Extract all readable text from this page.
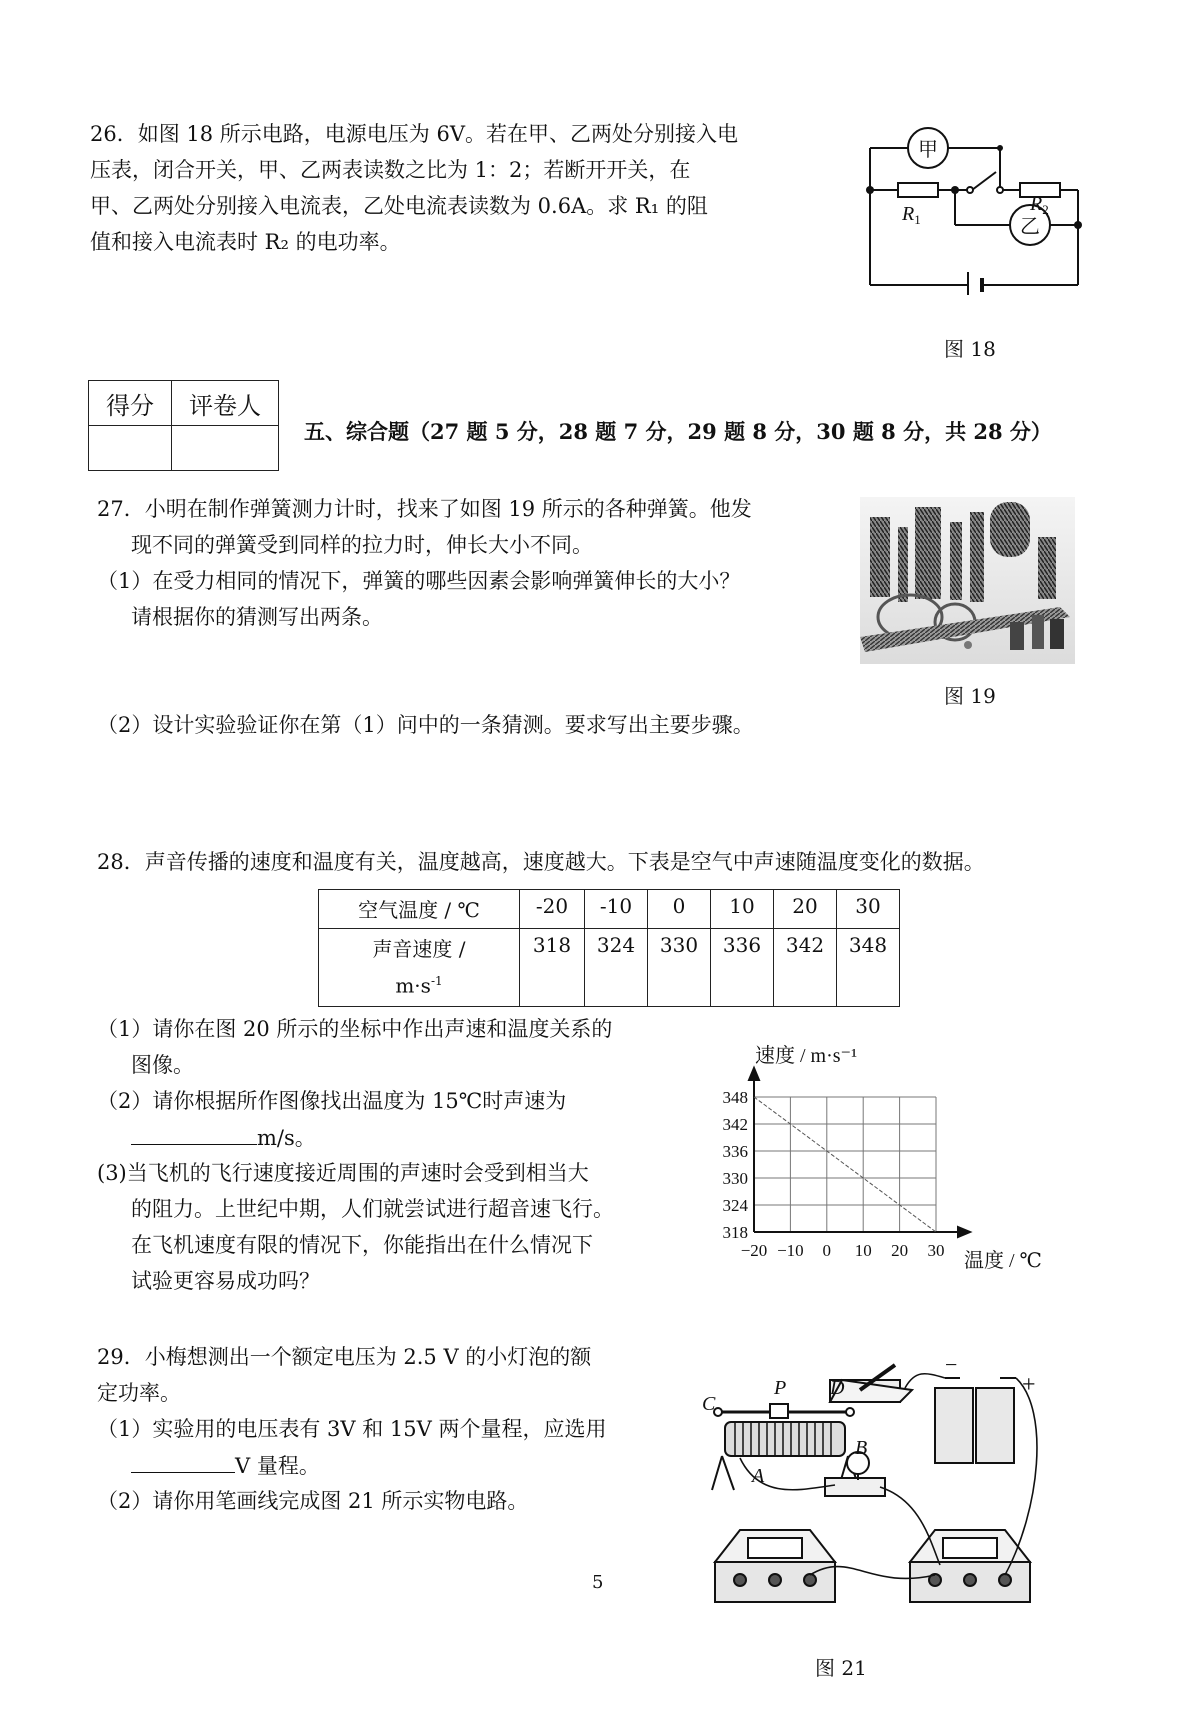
26．如图 18 所示电路，电源电压为 6V。若在甲、乙两处分别接入电
压表，闭合开关，甲、乙两表读数之比为 1：2；若断开开关，在
甲、乙两处分别接入电流表，乙处电流表读数为 0.6A。求 R₁ 的阻
值和接入电流表时 R₂ 的电功率。
甲
乙
$R_1$
$R_2$
图 18
得分	评卷人

五、综合题（27 题 5 分，28 题 7 分，29 题 8 分，30 题 8 分，共 28 分）
27．小明在制作弹簧测力计时，找来了如图 19 所示的各种弹簧。他发
现不同的弹簧受到同样的拉力时，伸长大小不同。
（1）在受力相同的情况下，弹簧的哪些因素会影响弹簧伸长的大小？
请根据你的猜测写出两条。
（2）设计实验验证你在第（1）问中的一条猜测。要求写出主要步骤。
图 19
28．声音传播的速度和温度有关，温度越高，速度越大。下表是空气中声速随温度变化的数据。
空气温度 / ℃	-20	-10	0	10	20	30
声音速度 /
$m\cdot s^{-1}$	318	324	330	336	342	348
（1）请你在图 20 所示的坐标中作出声速和温度关系的
图像。
（2）请你根据所作图像找出温度为 15℃时声速为
m/s。
(3)当飞机的飞行速度接近周围的声速时会受到相当大
的阻力。上世纪中期，人们就尝试进行超音速飞行。
在飞机速度有限的情况下，你能指出在什么情况下
试验更容易成功吗？
348
342
336
330
324
318
−20 −10 0 10 20 30
速度 / m·s⁻¹
温度 / ℃
29．小梅想测出一个额定电压为 2.5 V 的小灯泡的额
定功率。
（1）实验用的电压表有 3V 和 15V 两个量程，应选用
V 量程。
（2）请你用笔画线完成图 21 所示实物电路。
C
P D
B
A
−
+
图 21
5
